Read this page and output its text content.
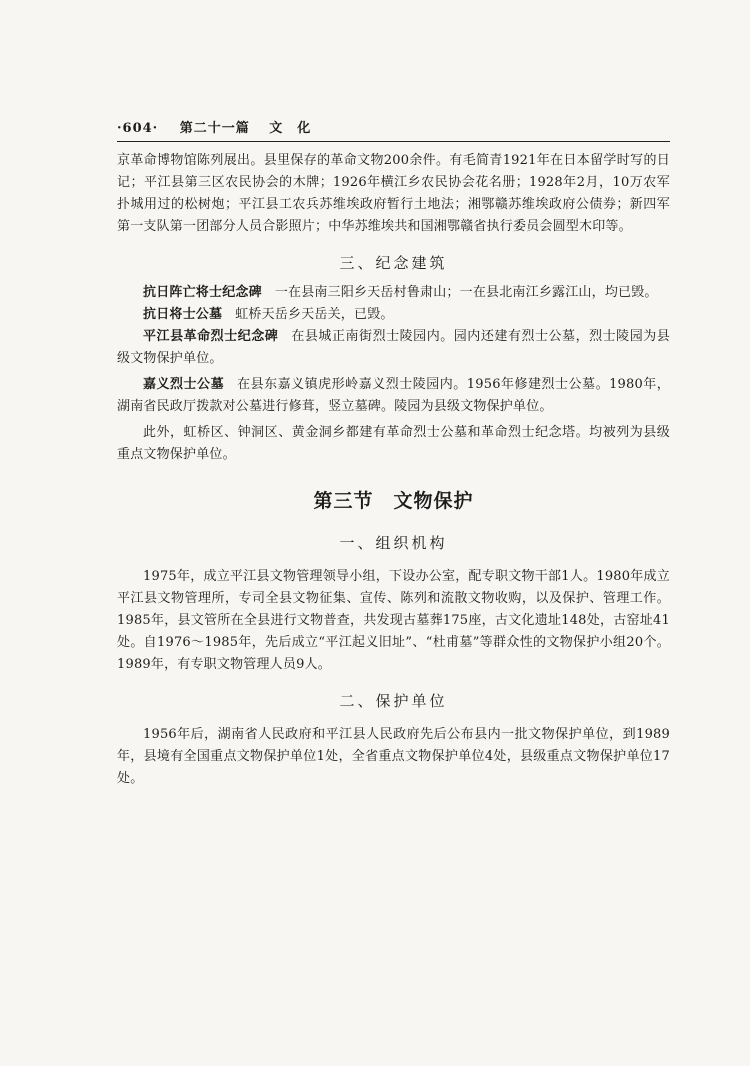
·604· 第二十一篇 文　化

京革命博物馆陈列展出。县里保存的革命文物200余件。有毛简青1921年在日本留学时写的日记；平江县第三区农民协会的木牌；1926年横江乡农民协会花名册；1928年2月，10万农军扑城用过的松树炮；平江县工农兵苏维埃政府暂行土地法；湘鄂赣苏维埃政府公债券；新四军第一支队第一团部分人员合影照片；中华苏维埃共和国湘鄂赣省执行委员会圆型木印等。

三、纪念建筑

抗日阵亡将士纪念碑 一在县南三阳乡天岳村鲁肃山；一在县北南江乡露江山，均已毁。

抗日将士公墓 虹桥天岳乡天岳关，已毁。

平江县革命烈士纪念碑 在县城正南街烈士陵园内。园内还建有烈士公墓，烈士陵园为县级文物保护单位。

嘉义烈士公墓 在县东嘉义镇虎形岭嘉义烈士陵园内。1956年修建烈士公墓。1980年，湖南省民政厅拨款对公墓进行修葺，竖立墓碑。陵园为县级文物保护单位。

此外，虹桥区、钟洞区、黄金洞乡都建有革命烈士公墓和革命烈士纪念塔。均被列为县级重点文物保护单位。

第三节 文物保护
一、组织机构

1975年，成立平江县文物管理领导小组，下设办公室，配专职文物干部1人。1980年成立平江县文物管理所，专司全县文物征集、宣传、陈列和流散文物收购，以及保护、管理工作。1985年，县文管所在全县进行文物普查，共发现古墓葬175座，古文化遗址148处，古窑址41处。自1976～1985年，先后成立“平江起义旧址”、“杜甫墓”等群众性的文物保护小组20个。1989年，有专职文物管理人员9人。

二、保护单位

1956年后，湖南省人民政府和平江县人民政府先后公布县内一批文物保护单位，到1989年，县境有全国重点文物保护单位1处，全省重点文物保护单位4处，县级重点文物保护单位17处。
